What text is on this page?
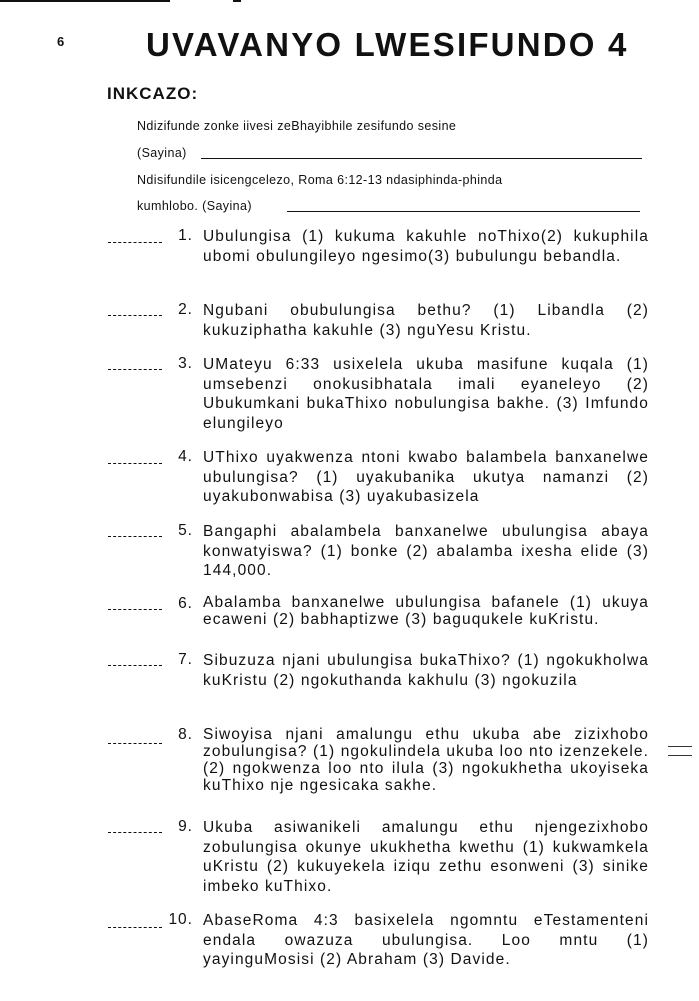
6 UVAVANYO LWESIFUNDO 4
INKCAZO:
Ndizifunde zonke iivesi zeBhayibhile zesifundo sesine
(Sayina)
Ndisifundile isicengcelezo, Roma 6:12-13 ndasiphinda-phinda
kumhlobo. (Sayina)
1. Ubulungisa (1) kukuma kakuhle noThixo(2) kukuphila ubomi obulungileyo ngesimo(3) bubulungu bebandla.
2. Ngubani obubulungisa bethu? (1) Libandla (2) kukuziphatha kakuhle (3) nguYesu Kristu.
3. UMateyu 6:33 usixelela ukuba masifune kuqala (1) umsebenzi onokusibhatala imali eyaneleyo (2) Ubukumkani bukaThixo nobulungisa bakhe. (3) Imfundo elungileyo
4. UThixo uyakwenza ntoni kwabo balambela banxanelwe ubulungisa? (1) uyakubanika ukutya namanzi (2) uyakubonwabisa (3) uyakubasizela
5. Bangaphi abalambela banxanelwe ubulungisa abaya konwatyiswa? (1) bonke (2) abalamba ixesha elide (3) 144,000.
6. Abalamba banxanelwe ubulungisa bafanele (1) ukuya ecaweni (2) babhaptizwe (3) baguqukele kuKristu.
7. Sibuzuza njani ubulungisa bukaThixo? (1) ngokukholwa kuKristu (2) ngokuthanda kakhulu (3) ngokuzila
8. Siwoyisa njani amalungu ethu ukuba abe zizixhobo zobulungisa? (1) ngokulindela ukuba loo nto izenzekele. (2) ngokwenza loo nto ilula (3) ngokukhetha ukoyiseka kuThixo nje ngesicaka sakhe.
9. Ukuba asiwanikeli amalungu ethu njengezixhobo zobulungisa okunye ukukhetha kwethu (1) kukwamkela uKristu (2) kukuyekela iziqu zethu esonweni (3) sinike imbeko kuThixo.
10. AbaseRoma 4:3 basixelela ngomntu eTestamenteni endala owazuza ubulungisa. Loo mntu (1) yayinguMosisi (2) Abraham (3) Davide.
